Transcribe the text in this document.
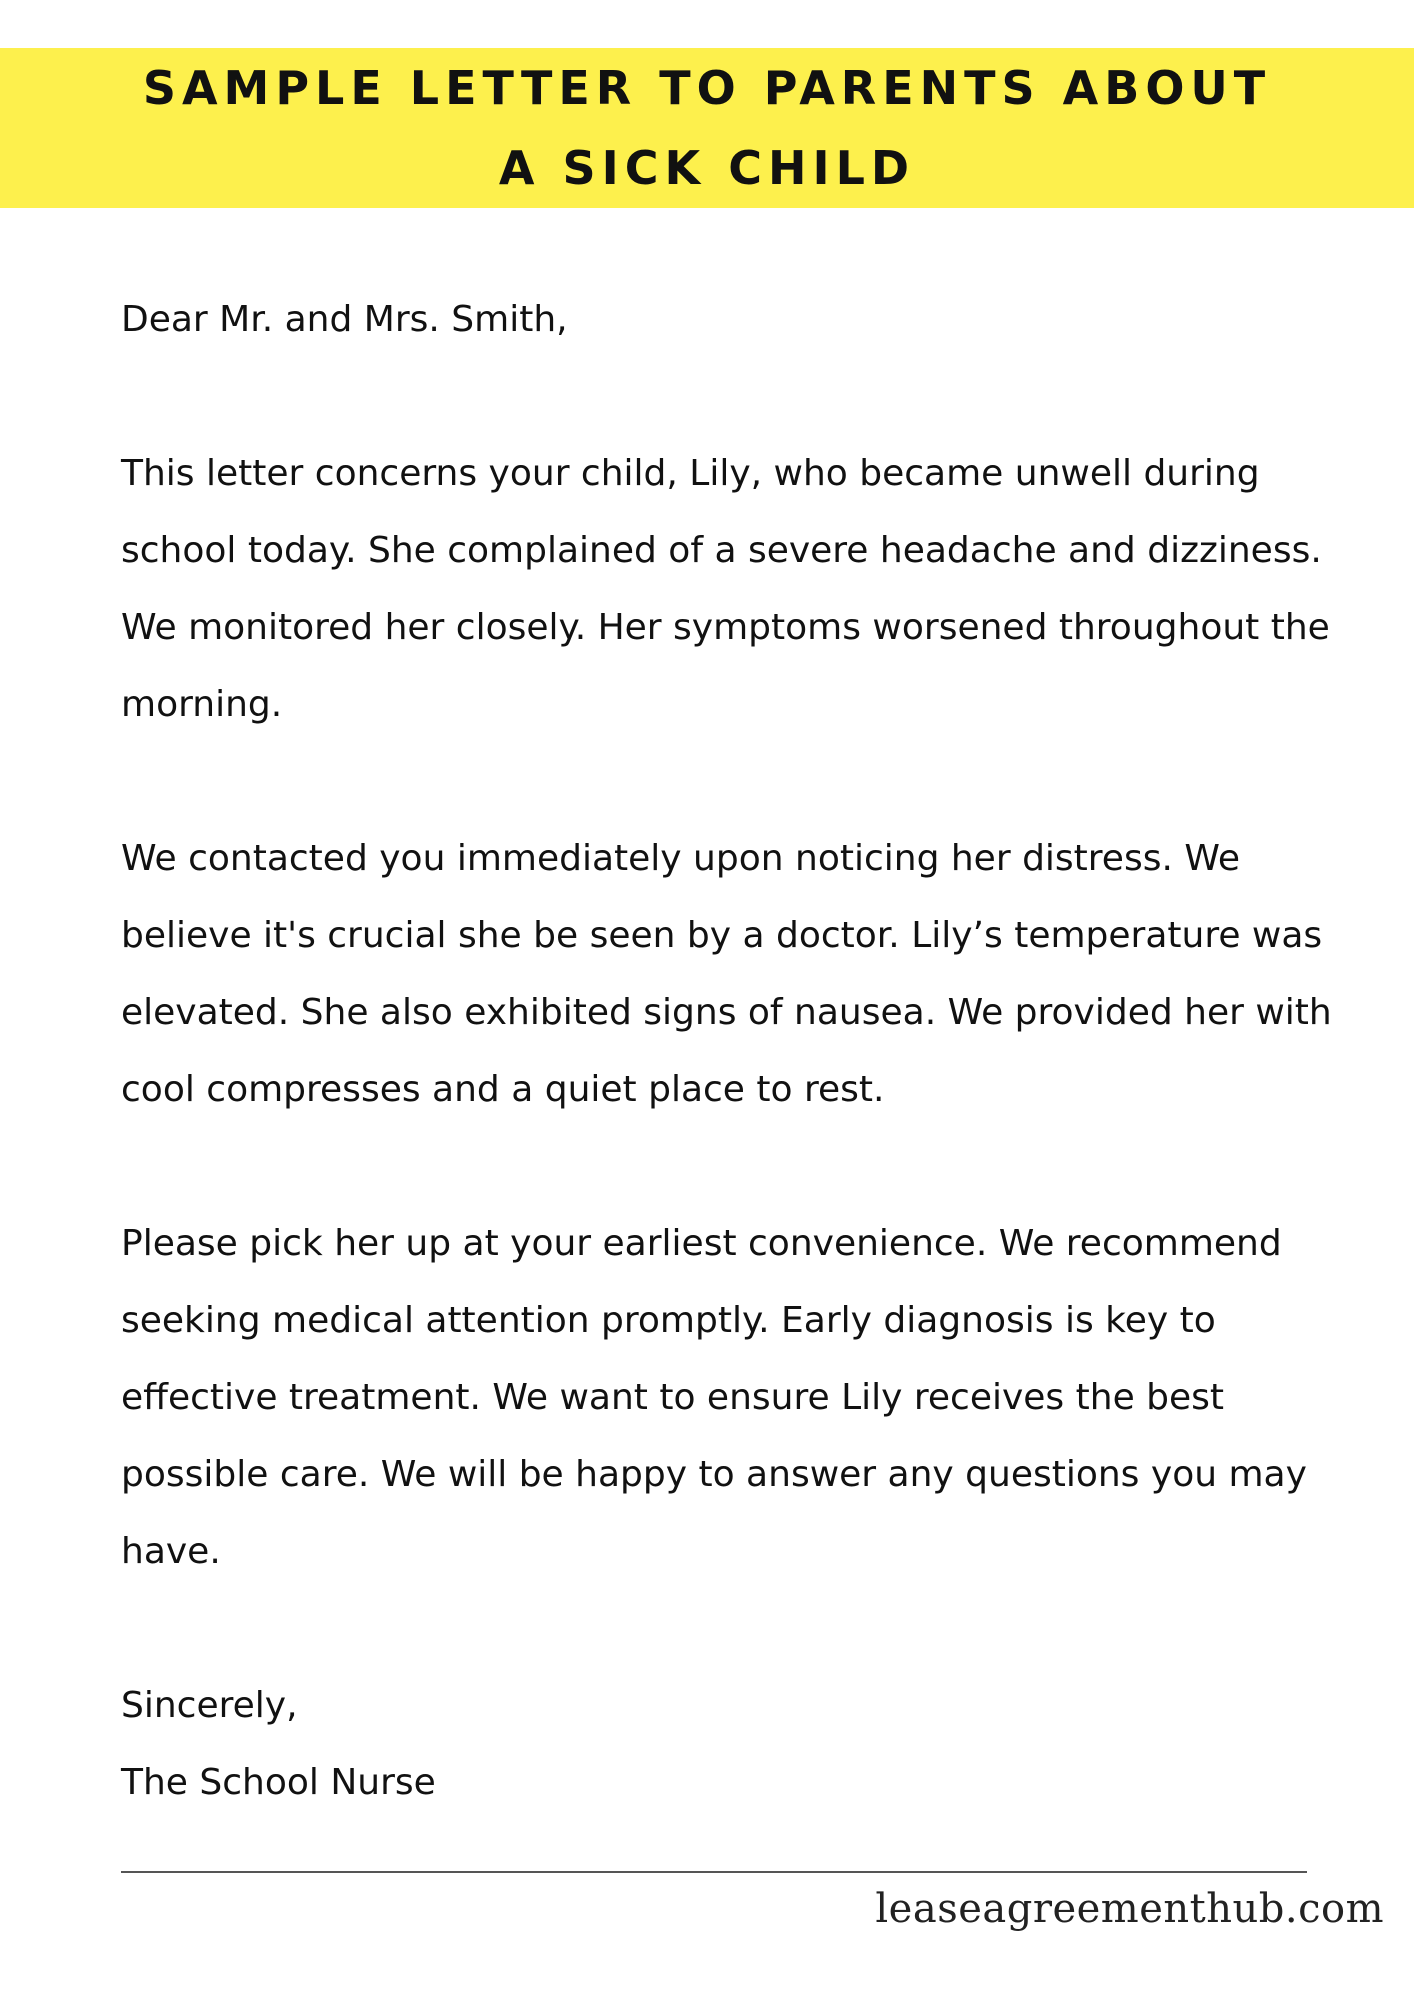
SAMPLE LETTER TO PARENTS ABOUT
A SICK CHILD

Dear Mr. and Mrs. Smith,

This letter concerns your child, Lily, who became unwell during school today. She complained of a severe headache and dizziness. We monitored her closely. Her symptoms worsened throughout the morning.

We contacted you immediately upon noticing her distress. We believe it's crucial she be seen by a doctor. Lily’s temperature was elevated. She also exhibited signs of nausea. We provided her with cool compresses and a quiet place to rest.

Please pick her up at your earliest convenience. We recommend seeking medical attention promptly. Early diagnosis is key to effective treatment. We want to ensure Lily receives the best possible care. We will be happy to answer any questions you may have.

Sincerely,

The School Nurse

leaseagreementhub.com
